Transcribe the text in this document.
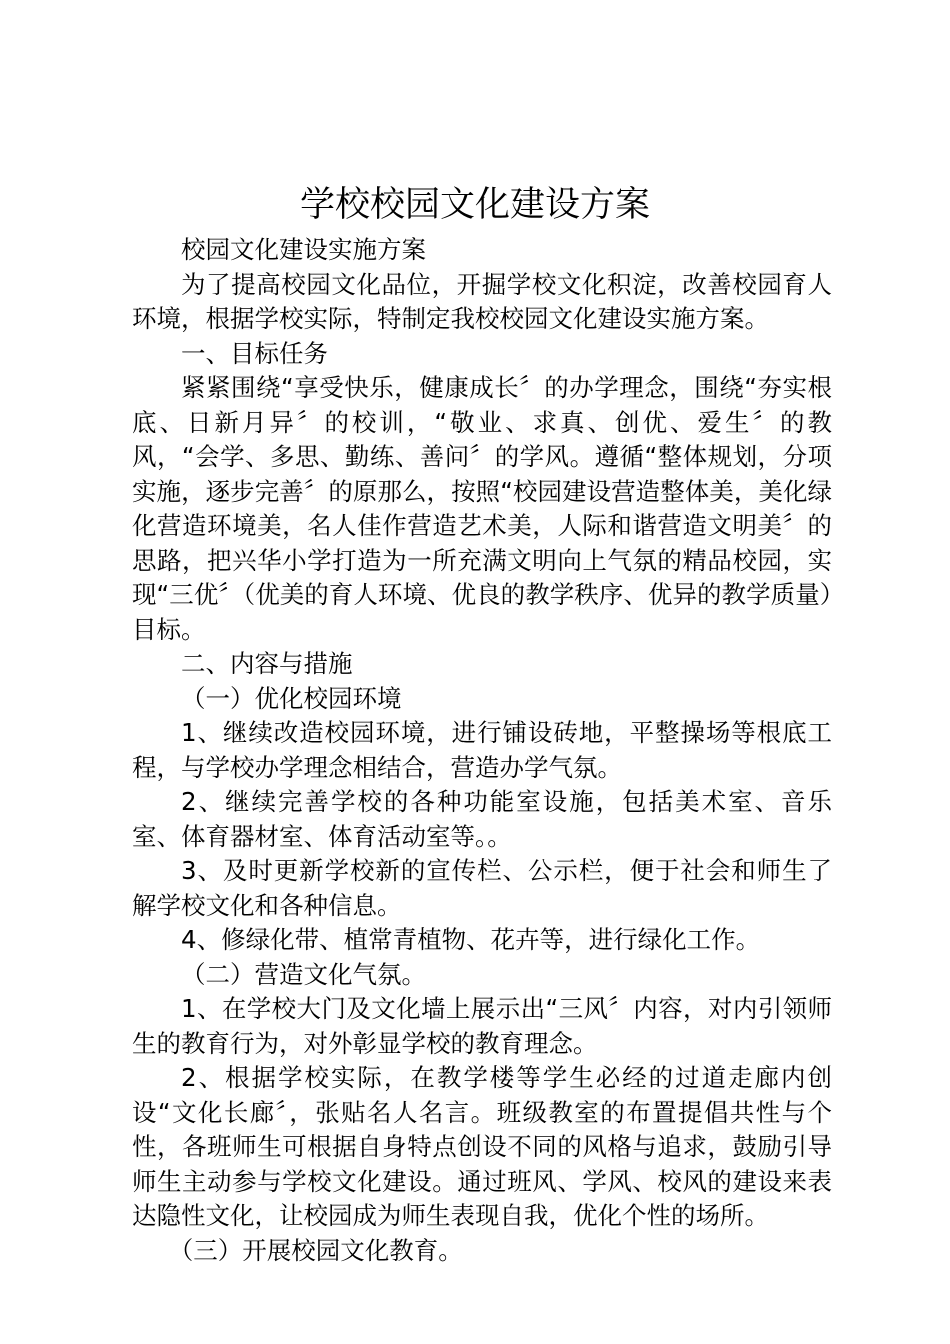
学校校园文化建设方案

校园文化建设实施方案

为了提高校园文化品位，开掘学校文化积淀，改善校园育人环境，根据学校实际，特制定我校校园文化建设实施方案。

一、目标任务

紧紧围绕“享受快乐，健康成长〞的办学理念，围绕“夯实根底、日新月异〞的校训，“敬业、求真、创优、爱生〞的教风，“会学、多思、勤练、善问〞的学风。遵循“整体规划，分项实施，逐步完善〞的原那么，按照“校园建设营造整体美，美化绿化营造环境美，名人佳作营造艺术美，人际和谐营造文明美〞的思路，把兴华小学打造为一所充满文明向上气氛的精品校园，实现“三优〞（优美的育人环境、优良的教学秩序、优异的教学质量）目标。

二、内容与措施

（一）优化校园环境

1、继续改造校园环境，进行铺设砖地，平整操场等根底工程，与学校办学理念相结合，营造办学气氛。

2、继续完善学校的各种功能室设施，包括美术室、音乐室、体育器材室、体育活动室等。。

3、及时更新学校新的宣传栏、公示栏，便于社会和师生了解学校文化和各种信息。

4、修绿化带、植常青植物、花卉等，进行绿化工作。

（二）营造文化气氛。

1、在学校大门及文化墙上展示出“三风〞内容，对内引领师生的教育行为，对外彰显学校的教育理念。

2、根据学校实际，在教学楼等学生必经的过道走廊内创设“文化长廊〞，张贴名人名言。班级教室的布置提倡共性与个性，各班师生可根据自身特点创设不同的风格与追求，鼓励引导师生主动参与学校文化建设。通过班风、学风、校风的建设来表达隐性文化，让校园成为师生表现自我，优化个性的场所。

（三）开展校园文化教育。
